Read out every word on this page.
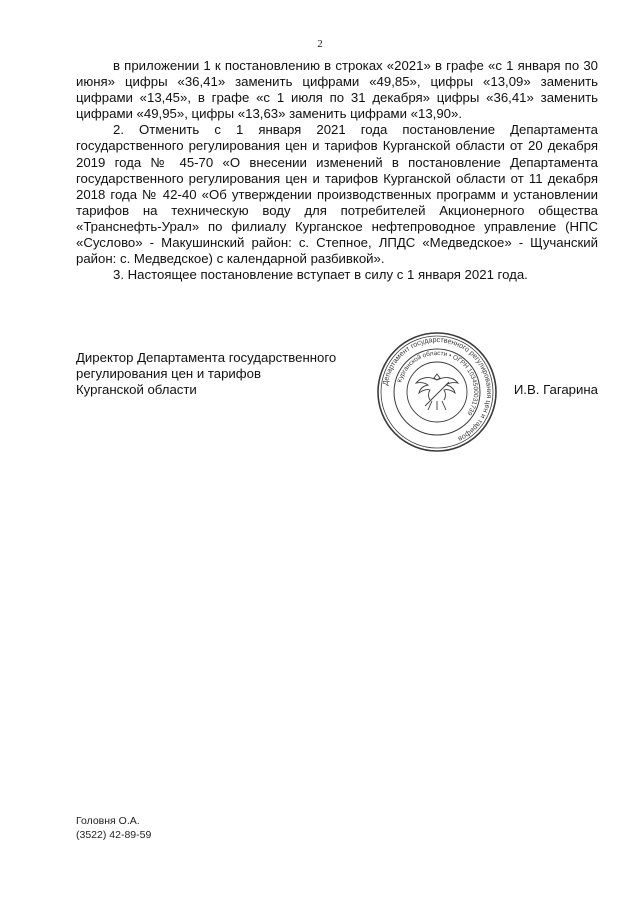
2

в приложении 1 к постановлению в строках «2021» в графе «с 1 января по 30 июня» цифры «36,41» заменить цифрами «49,85», цифры «13,09» заменить цифрами «13,45», в графе «с 1 июля по 31 декабря» цифры «36,41» заменить цифрами «49,95», цифры «13,63» заменить цифрами «13,90».

2. Отменить с 1 января 2021 года постановление Департамента государственного регулирования цен и тарифов Курганской области от 20 декабря 2019 года № 45-70 «О внесении изменений в постановление Департамента государственного регулирования цен и тарифов Курганской области от 11 декабря 2018 года № 42-40 «Об утверждении производственных программ и установлении тарифов на техническую воду для потребителей Акционерного общества «Транснефть-Урал» по филиалу Курганское нефтепроводное управление (НПС «Суслово» - Макушинский район: с. Степное, ЛПДС «Медведское» - Щучанский район: с. Медведское) с календарной разбивкой».

3. Настоящее постановление вступает в силу с 1 января 2021 года.

Директор Департамента государственного
регулирования цен и тарифов
Курганской области	Департамент государственного регулирования цен и тарифов
Курганской области • ОГРН 1034500031739
И.В. Гагарина
Головня О.А.
(3522) 42-89-59
